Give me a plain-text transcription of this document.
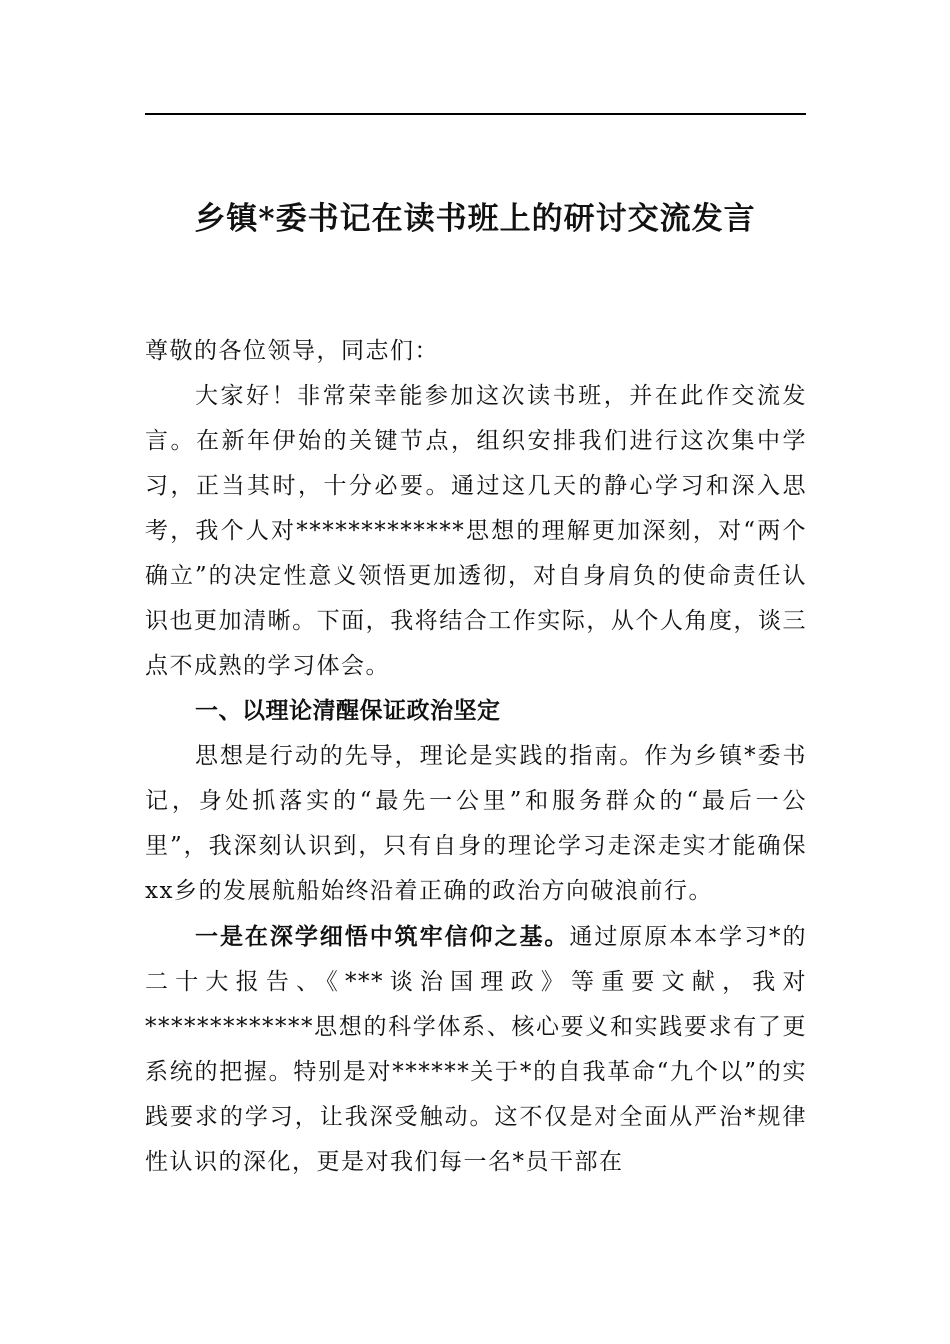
乡镇*委书记在读书班上的研讨交流发言

尊敬的各位领导，同志们：

大家好！非常荣幸能参加这次读书班，并在此作交流发言。在新年伊始的关键节点，组织安排我们进行这次集中学习，正当其时，十分必要。通过这几天的静心学习和深入思考，我个人对*************思想的理解更加深刻，对“两个确立”的决定性意义领悟更加透彻，对自身肩负的使命责任认识也更加清晰。下面，我将结合工作实际，从个人角度，谈三点不成熟的学习体会。

一、以理论清醒保证政治坚定

思想是行动的先导，理论是实践的指南。作为乡镇*委书记，身处抓落实的“最先一公里”和服务群众的“最后一公里”，我深刻认识到，只有自身的理论学习走深走实才能确保xx乡的发展航船始终沿着正确的政治方向破浪前行。

一是在深学细悟中筑牢信仰之基。通过原原本本学习*的二十大报告、《***谈治国理政》等重要文献，我对*************思想的科学体系、核心要义和实践要求有了更系统的把握。特别是对******关于*的自我革命“九个以”的实践要求的学习，让我深受触动。这不仅是对全面从严治*规律性认识的深化，更是对我们每一名*员干部在
